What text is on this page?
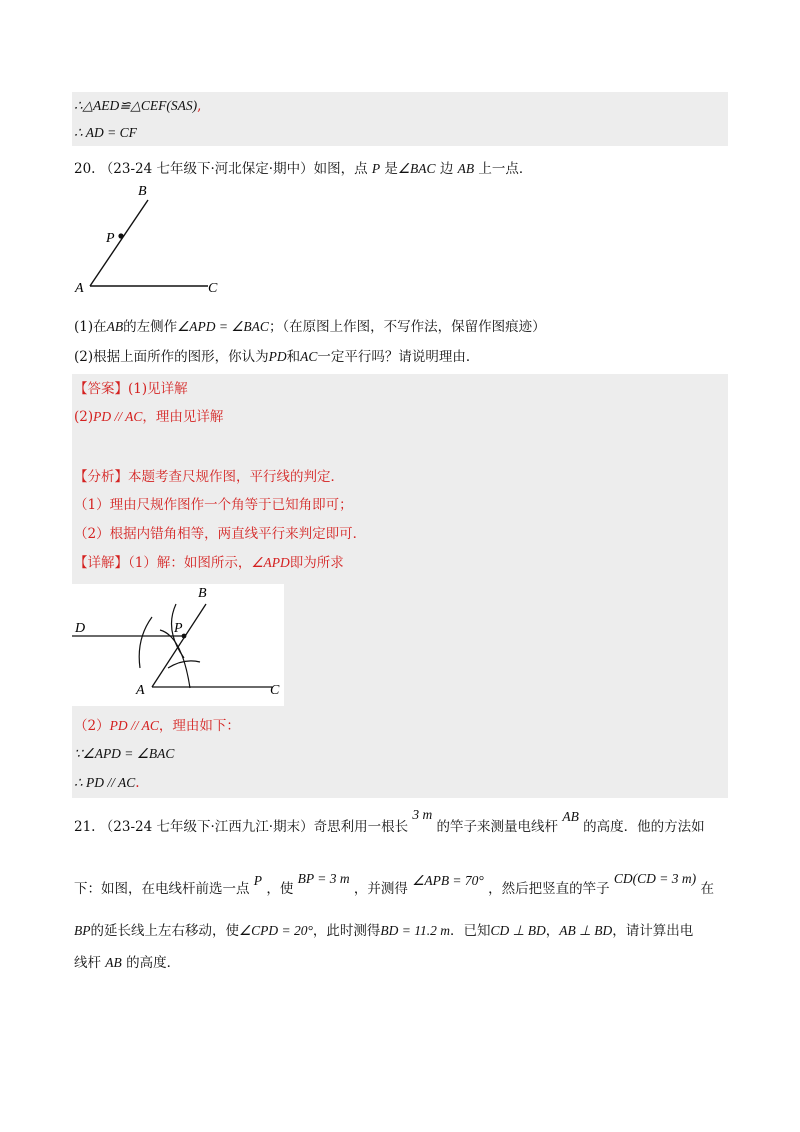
∴△AED≌△CEF(SAS),
∴ AD = CF
20. （23-24 七年级下·河北保定·期中）如图，点 P 是∠BAC 边 AB 上一点．
B
P
A	C
(1)在AB的左侧作∠APD = ∠BAC；（在原图上作图，不写作法，保留作图痕迹）
(2)根据上面所作的图形，你认为PD和AC一定平行吗？请说明理由．
【答案】(1)见详解
(2)PD // AC，理由见详解
【分析】本题考查尺规作图，平行线的判定．
（1）理由尺规作图作一个角等于已知角即可；
（2）根据内错角相等，两直线平行来判定即可．
【详解】（1）解：如图所示，∠APD即为所求
B
D	P
A	C
（2）PD // AC，理由如下：
∵∠APD = ∠BAC
∴ PD // AC.
21. （23-24 七年级下·江西九江·期末）奇思利用一根长 3 m 的竿子来测量电线杆 AB 的高度．他的方法如
下：如图，在电线杆前选一点 P ，使 BP = 3 m ，并测得 ∠APB = 70° ，然后把竖直的竿子 CD(CD = 3 m) 在
BP的延长线上左右移动，使∠CPD = 20°，此时测得BD = 11.2 m．已知CD ⊥ BD，AB ⊥ BD，请计算出电
线杆 AB 的高度．
